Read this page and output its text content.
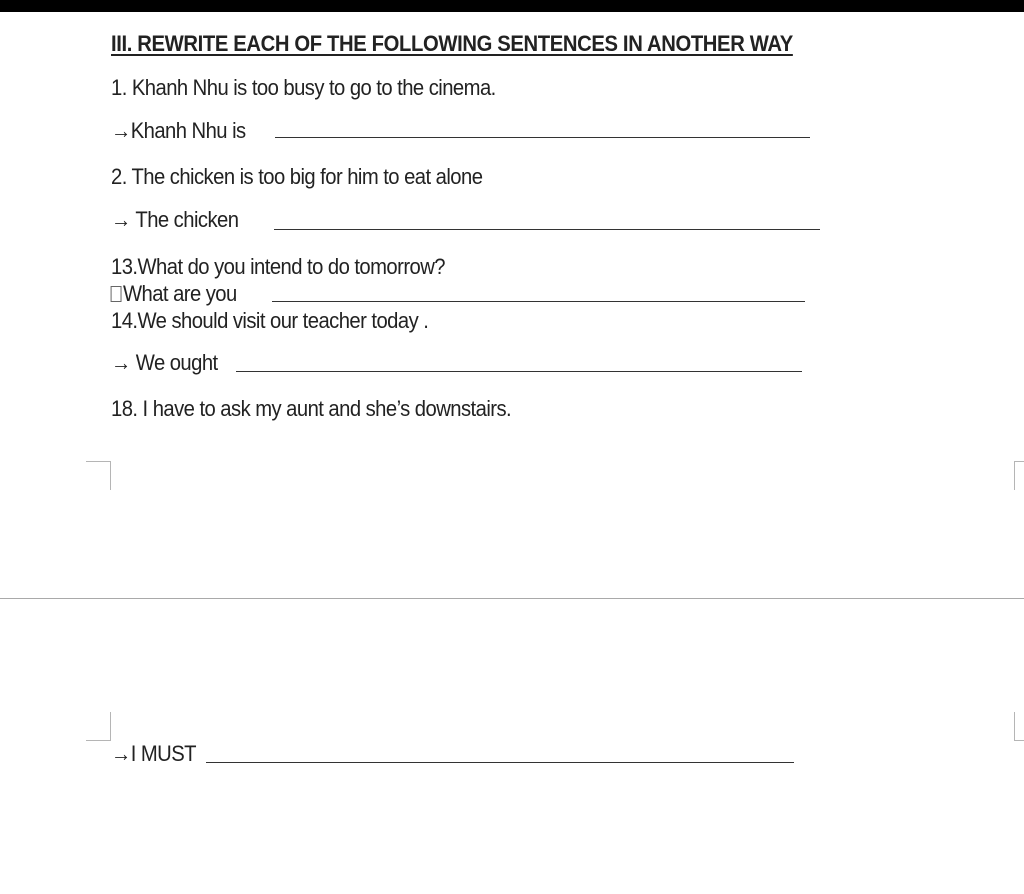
III. REWRITE EACH OF THE FOLLOWING SENTENCES IN ANOTHER WAY
1. Khanh Nhu is too busy to go to the cinema.
→Khanh Nhu is
2. The chicken is too big for him to eat alone
→ The chicken
13.What do you intend to do tomorrow?
What are you
14.We should visit our teacher today .
→ We ought
18. I have to ask my aunt and she’s downstairs.
→I MUST
